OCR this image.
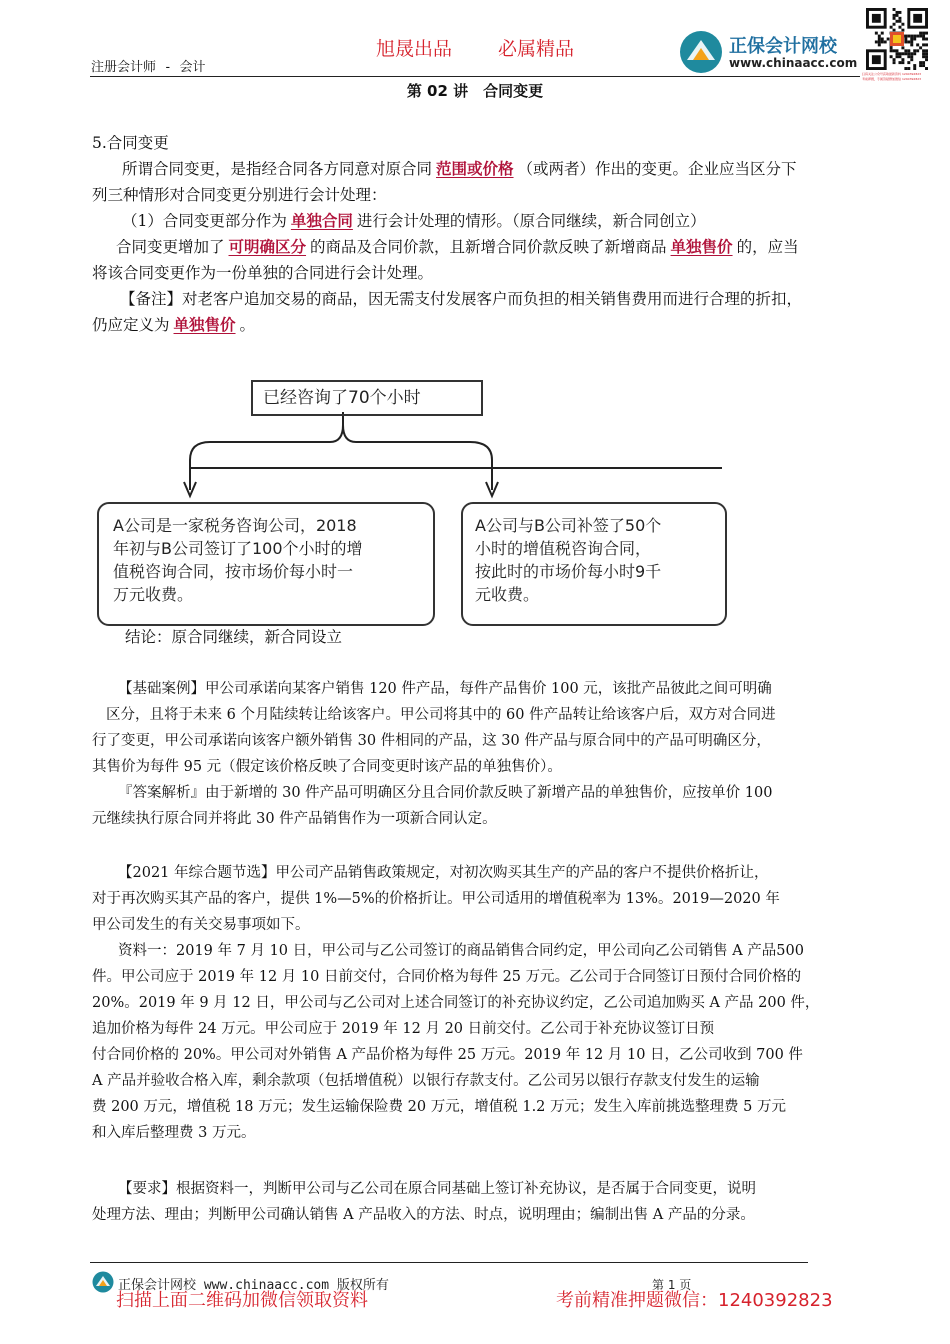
旭晟出品 必属精品
注册会计师 - 会计
正保会计网校
www.chinaacc.com
扫码关注公众号获取最新资料 1240392823
考前押题，专属答疑群加微信 1240392823
第 02 讲　合同变更
5.合同变更
所谓合同变更，是指经合同各方同意对原合同 范围或价格 （或两者）作出的变更。企业应当区分下
列三种情形对合同变更分别进行会计处理：
（1）合同变更部分作为 单独合同 进行会计处理的情形。（原合同继续，新合同创立）
合同变更增加了 可明确区分 的商品及合同价款，且新增合同价款反映了新增商品 单独售价 的，应当
将该合同变更作为一份单独的合同进行会计处理。
【备注】对老客户追加交易的商品，因无需支付发展客户而负担的相关销售费用而进行合理的折扣，
仍应定义为 单独售价 。
已经咨询了70个小时
A公司是一家税务咨询公司，2018
年初与B公司签订了100个小时的增
值税咨询合同，按市场价每小时一
万元收费。
A公司与B公司补签了50个
小时的增值税咨询合同，
按此时的市场价每小时9千
元收费。
结论：原合同继续，新合同设立
【基础案例】甲公司承诺向某客户销售 120 件产品，每件产品售价 100 元，该批产品彼此之间可明确
区分，且将于未来 6 个月陆续转让给该客户。甲公司将其中的 60 件产品转让给该客户后，双方对合同进
行了变更，甲公司承诺向该客户额外销售 30 件相同的产品，这 30 件产品与原合同中的产品可明确区分，
其售价为每件 95 元（假定该价格反映了合同变更时该产品的单独售价）。
『答案解析』由于新增的 30 件产品可明确区分且合同价款反映了新增产品的单独售价，应按单价 100
元继续执行原合同并将此 30 件产品销售作为一项新合同认定。
【2021 年综合题节选】甲公司产品销售政策规定，对初次购买其生产的产品的客户不提供价格折让，
对于再次购买其产品的客户，提供 1%—5%的价格折让。甲公司适用的增值税率为 13%。2019—2020 年
甲公司发生的有关交易事项如下。
资料一：2019 年 7 月 10 日，甲公司与乙公司签订的商品销售合同约定，甲公司向乙公司销售 A 产品500
件。甲公司应于 2019 年 12 月 10 日前交付，合同价格为每件 25 万元。乙公司于合同签订日预付合同价格的
20%。2019 年 9 月 12 日，甲公司与乙公司对上述合同签订的补充协议约定，乙公司追加购买 A 产品 200 件，
追加价格为每件 24 万元。甲公司应于 2019 年 12 月 20 日前交付。乙公司于补充协议签订日预
付合同价格的 20%。甲公司对外销售 A 产品价格为每件 25 万元。2019 年 12 月 10 日，乙公司收到 700 件
A 产品并验收合格入库，剩余款项（包括增值税）以银行存款支付。乙公司另以银行存款支付发生的运输
费 200 万元，增值税 18 万元；发生运输保险费 20 万元，增值税 1.2 万元；发生入库前挑选整理费 5 万元
和入库后整理费 3 万元。
【要求】根据资料一，判断甲公司与乙公司在原合同基础上签订补充协议，是否属于合同变更，说明
处理方法、理由；判断甲公司确认销售 A 产品收入的方法、时点，说明理由；编制出售 A 产品的分录。
正保会计网校 www.chinaacc.com 版权所有	第 1 页
扫描上面二维码加微信领取资料	考前精准押题微信：1240392823
